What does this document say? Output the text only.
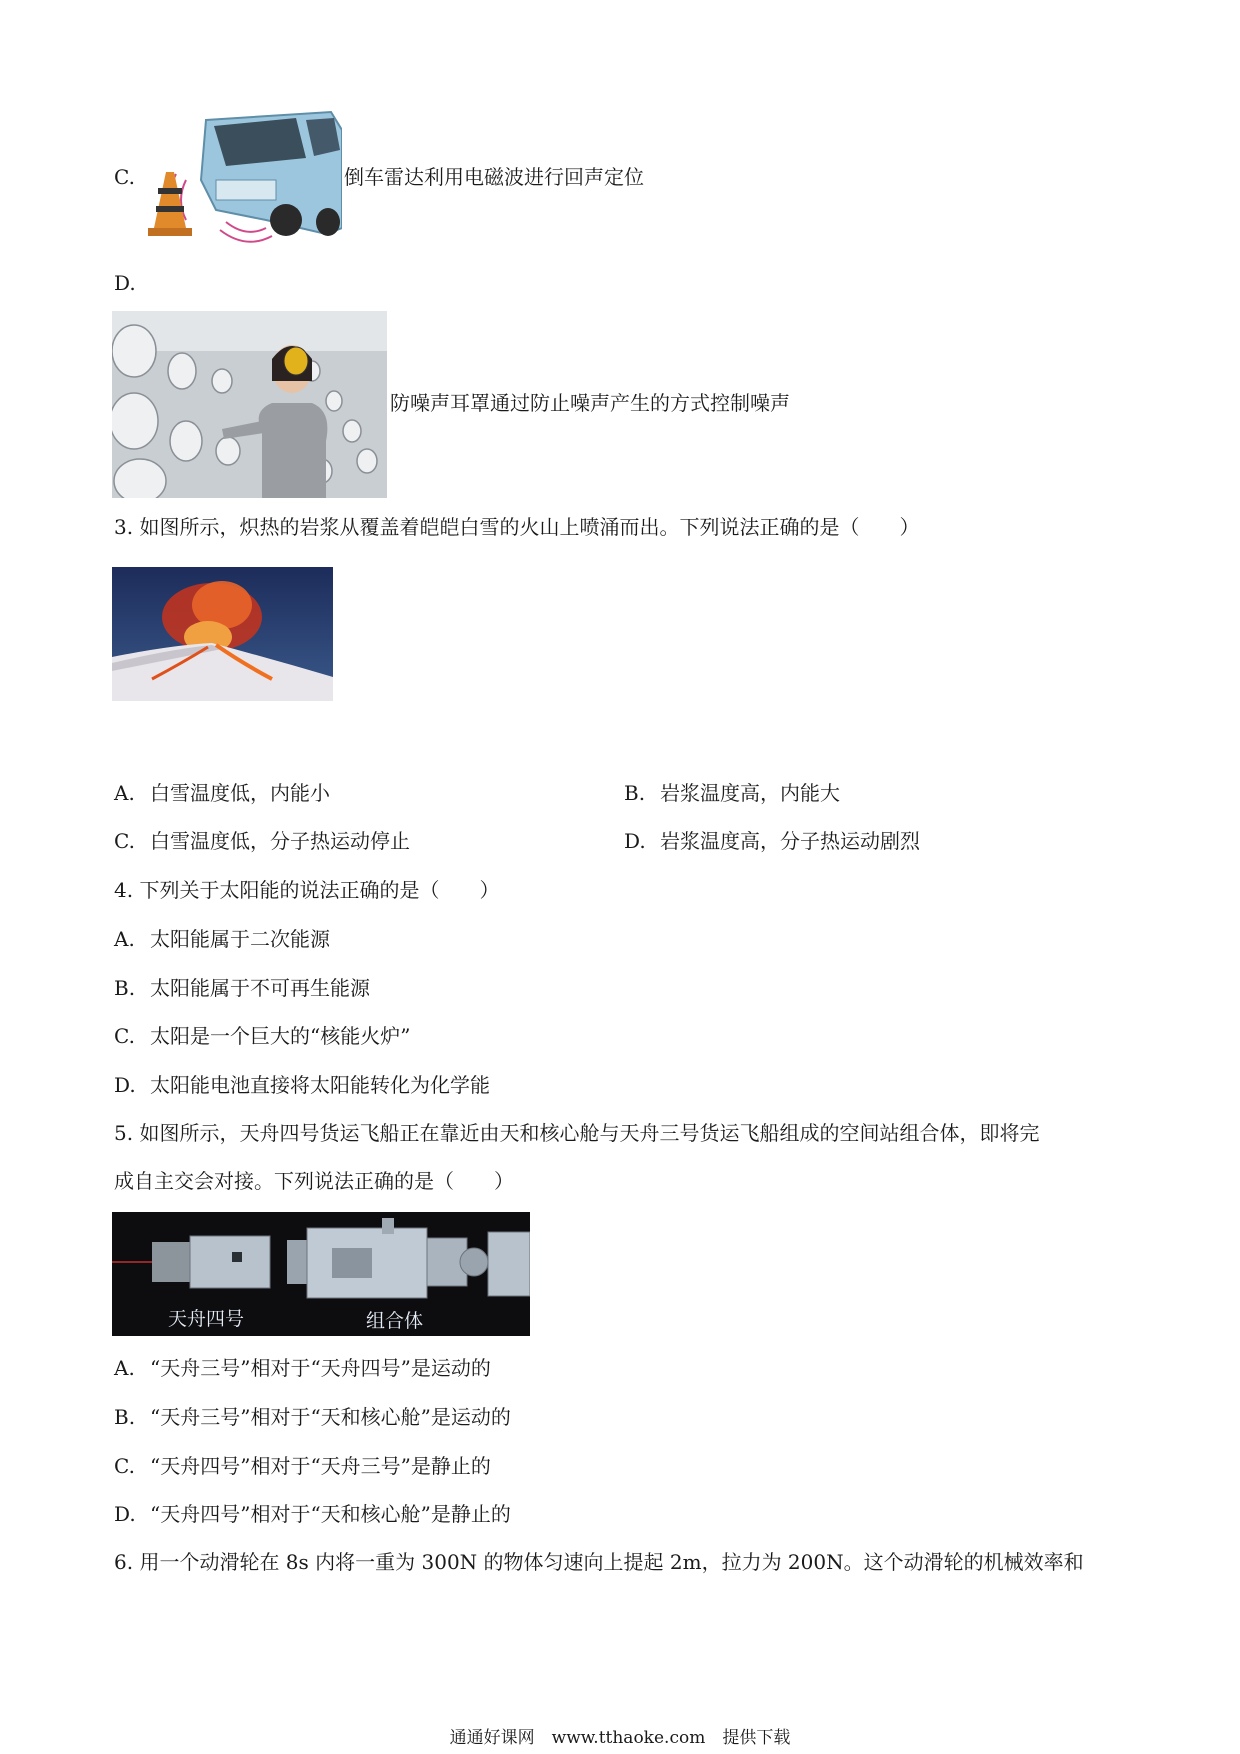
C.	倒车雷达利用电磁波进行回声定位
D.
防噪声耳罩通过防止噪声产生的方式控制噪声
3. 如图所示，炽热的岩浆从覆盖着皑皑白雪的火山上喷涌而出。下列说法正确的是（　　）
A. 白雪温度低，内能小	B. 岩浆温度高，内能大
C. 白雪温度低，分子热运动停止	D. 岩浆温度高，分子热运动剧烈
4. 下列关于太阳能的说法正确的是（　　）
A. 太阳能属于二次能源
B. 太阳能属于不可再生能源
C. 太阳是一个巨大的“核能火炉”
D. 太阳能电池直接将太阳能转化为化学能
5. 如图所示，天舟四号货运飞船正在靠近由天和核心舱与天舟三号货运飞船组成的空间站组合体，即将完
成自主交会对接。下列说法正确的是（　　）
天舟四号	组合体
A. “天舟三号”相对于“天舟四号”是运动的
B. “天舟三号”相对于“天和核心舱”是运动的
C. “天舟四号”相对于“天舟三号”是静止的
D. “天舟四号”相对于“天和核心舱”是静止的
6. 用一个动滑轮在 8s 内将一重为 300N 的物体匀速向上提起 2m，拉力为 200N。这个动滑轮的机械效率和
通通好课网　www.tthaoke.com　提供下载
